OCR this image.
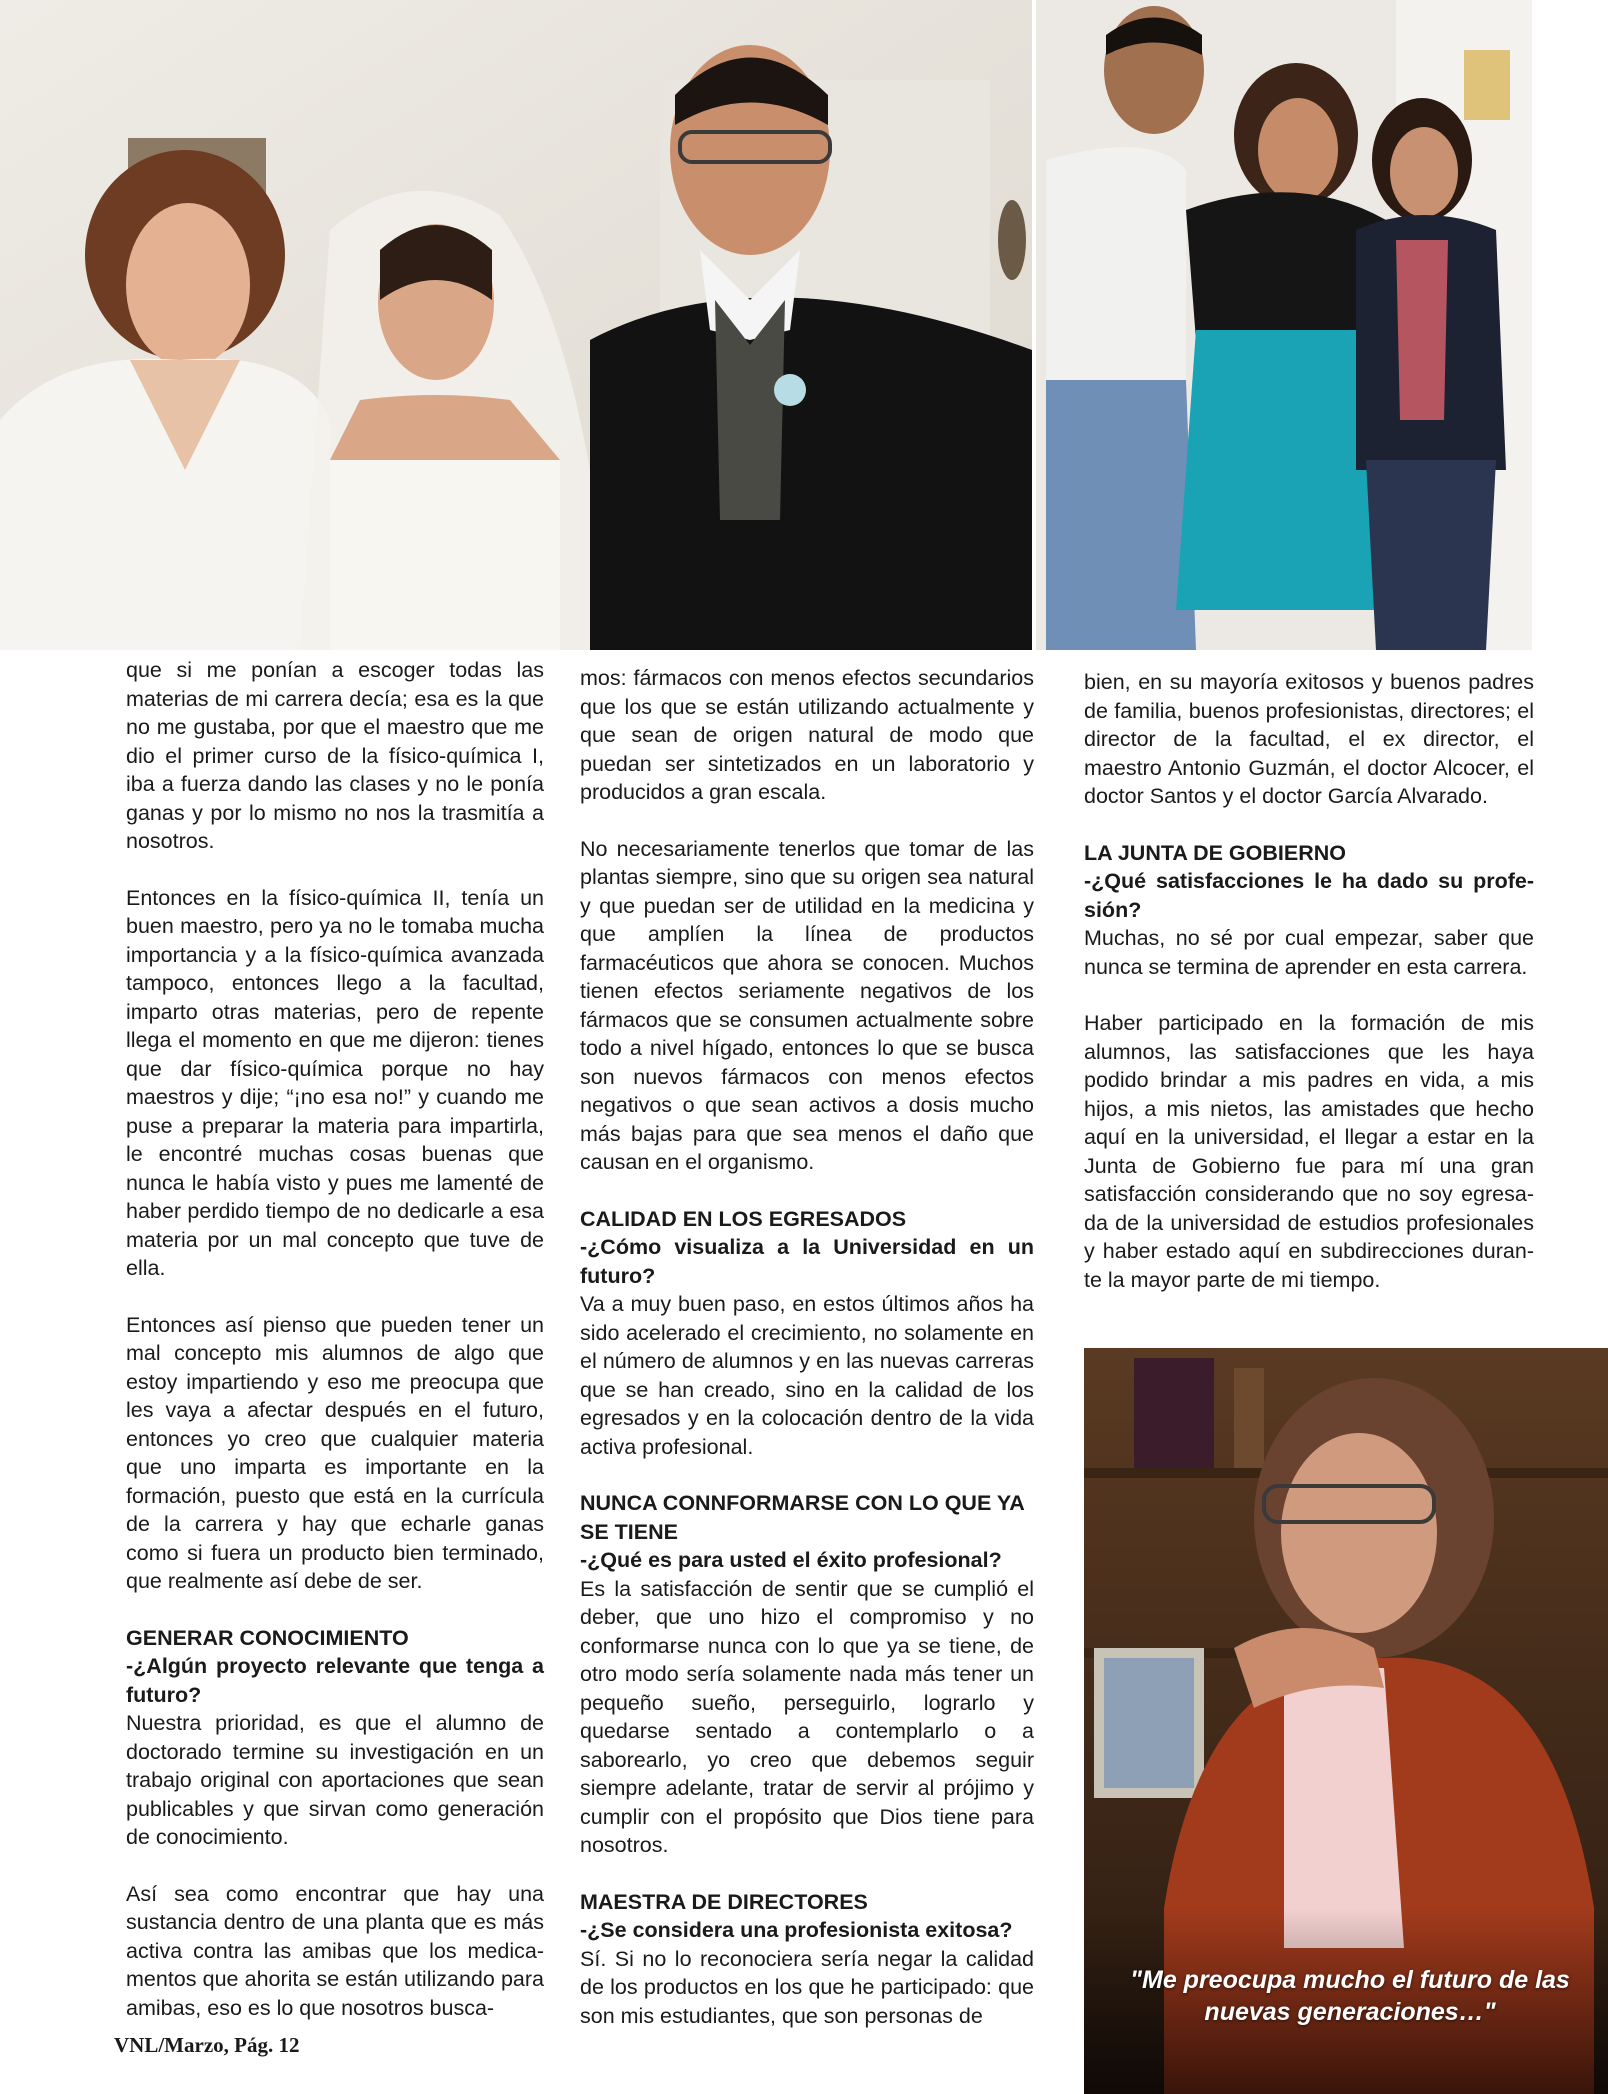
que si me ponían a escoger todas las materias de mi carrera decía; esa es la que no me gustaba, por que el maestro que me dio el primer curso de la físico-química I, iba a fuerza dando las clases y no le ponía ganas y por lo mismo no nos la trasmitía a nosotros.

Entonces en la físico-química II, tenía un buen maestro, pero ya no le tomaba mucha importancia y a la físico-química avanzada tampoco, entonces llego a la facultad, imparto otras materias, pero de repente llega el momento en que me dijeron: tienes que dar físico-química porque no hay maestros y dije; “¡no esa no!” y cuando me puse a preparar la materia para impartirla, le encontré muchas cosas buenas que nunca le había visto y pues me lamenté de haber perdido tiempo de no dedicarle a esa materia por un mal concepto que tuve de ella.

Entonces así pienso que pueden tener un mal concepto mis alumnos de algo que estoy impartiendo y eso me preocupa que les vaya a afectar después en el futuro, entonces yo creo que cualquier materia que uno imparta es importante en la formación, puesto que está en la currícula de la carrera y hay que echarle ganas como si fuera un producto bien terminado, que realmente así debe de ser.

GENERAR CONOCIMIENTO

-¿Algún proyecto relevante que tenga a futuro?

Nuestra prioridad, es que el alumno de doctorado termine su investigación en un trabajo original con aportaciones que sean publicables y que sirvan como generación de conocimiento.

Así sea como encontrar que hay una sustancia dentro de una planta que es más activa contra las amibas que los medica-mentos que ahorita se están utilizando para amibas, eso es lo que nosotros busca-

mos: fármacos con menos efectos secundarios que los que se están utilizando actualmente y que sean de origen natural de modo que puedan ser sintetizados en un laboratorio y producidos a gran escala.

No necesariamente tenerlos que tomar de las plantas siempre, sino que su origen sea natural y que puedan ser de utilidad en la medicina y que amplíen la línea de productos farmacéuticos que ahora se conocen. Muchos tienen efectos seriamente negativos de los fármacos que se consumen actualmente sobre todo a nivel hígado, entonces lo que se busca son nuevos fármacos con menos efectos negativos o que sean activos a dosis mucho más bajas para que sea menos el daño que causan en el organismo.

CALIDAD EN LOS EGRESADOS

-¿Cómo visualiza a la Universidad en un futuro?

Va a muy buen paso, en estos últimos años ha sido acelerado el crecimiento, no solamente en el número de alumnos y en las nuevas carreras que se han creado, sino en la calidad de los egresados y en la colocación dentro de la vida activa profesional.

NUNCA CONNFORMARSE CON LO QUE YA SE TIENE

-¿Qué es para usted el éxito profesional?

Es la satisfacción de sentir que se cumplió el deber, que uno hizo el compromiso y no conformarse nunca con lo que ya se tiene, de otro modo sería solamente nada más tener un pequeño sueño, perseguirlo, lograrlo y quedarse sentado a contemplarlo o a saborearlo, yo creo que debemos seguir siempre adelante, tratar de servir al prójimo y cumplir con el propósito que Dios tiene para nosotros.

MAESTRA DE DIRECTORES

-¿Se considera una profesionista exitosa?

Sí. Si no lo reconociera sería negar la calidad de los productos en los que he participado: que son mis estudiantes, que son personas de

bien, en su mayoría exitosos y buenos padres de familia, buenos profesionistas, directores; el director de la facultad, el ex director, el maestro Antonio Guzmán, el doctor Alcocer, el doctor Santos y el doctor García Alvarado.

LA JUNTA DE GOBIERNO

-¿Qué satisfacciones le ha dado su profe-sión?

Muchas, no sé por cual empezar, saber que nunca se termina de aprender en esta carrera.

Haber participado en la formación de mis alumnos, las satisfacciones que les haya podido brindar a mis padres en vida, a mis hijos, a mis nietos, las amistades que hecho aquí en la universidad, el llegar a estar en la Junta de Gobierno fue para mí una gran satisfacción considerando que no soy egresa-da de la universidad de estudios profesionales y haber estado aquí en subdirecciones duran-te la mayor parte de mi tiempo.

"Me preocupa mucho el futuro de las nuevas generaciones…"
VNL/Marzo, Pág. 12
